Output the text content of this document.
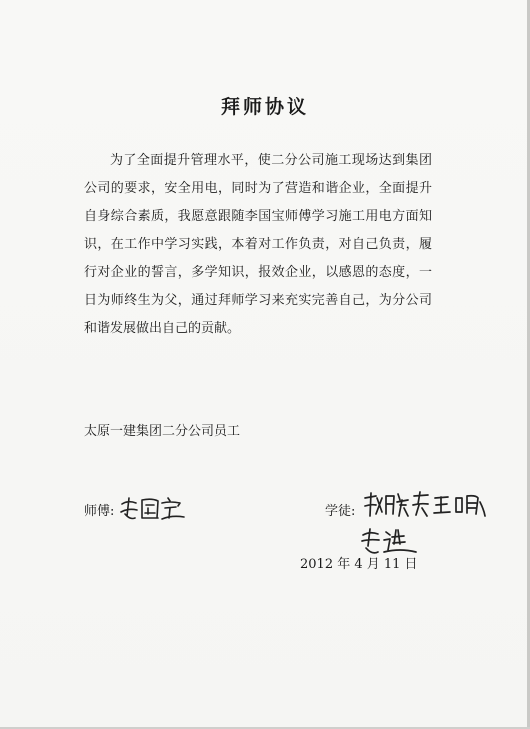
拜师协议
为了全面提升管理水平，使二分公司施工现场达到集团公司的要求，安全用电，同时为了营造和谐企业，全面提升自身综合素质，我愿意跟随李国宝师傅学习施工用电方面知识，在工作中学习实践，本着对工作负责，对自己负责，履行对企业的誓言，多学知识，报效企业，以感恩的态度，一日为师终生为父，通过拜师学习来充实完善自己，为分公司和谐发展做出自己的贡献。
太原一建集团二分公司员工
师傅:	学徒:
2012 年 4 月 11 日
